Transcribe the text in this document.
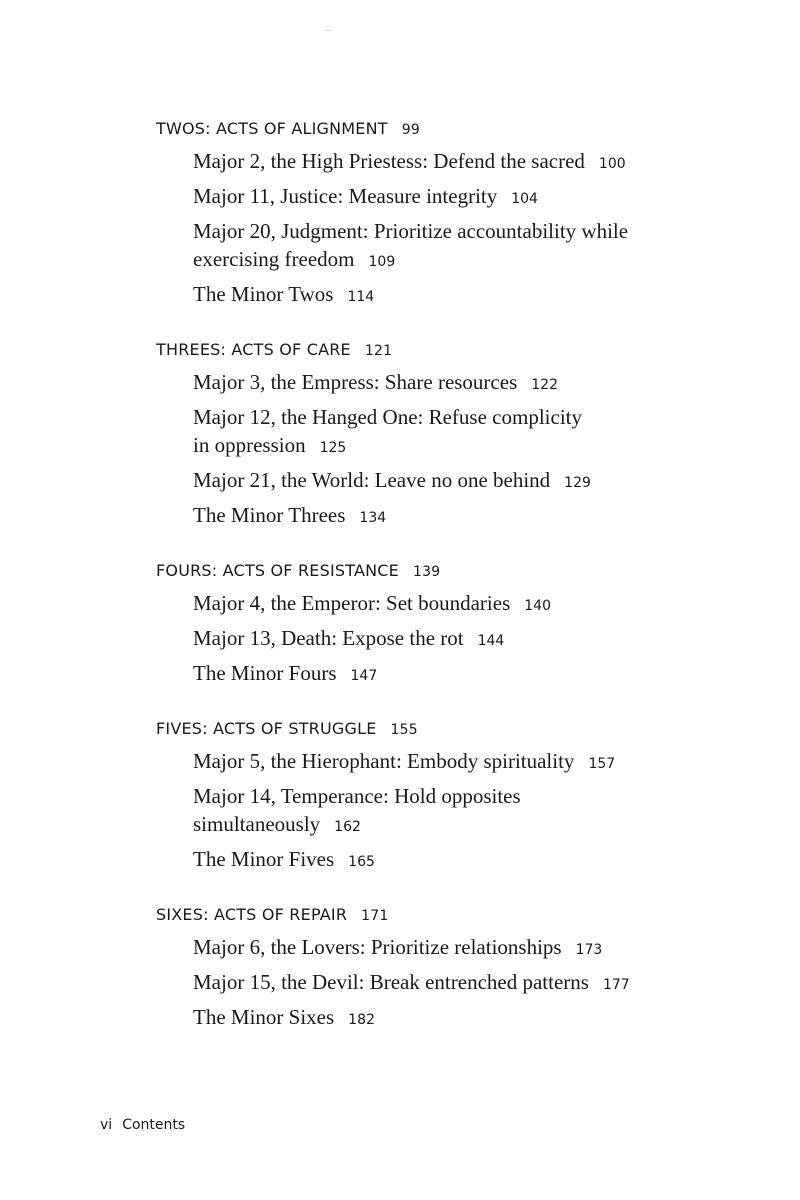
TWOS: ACTS OF ALIGNMENT 99
Major 2, the High Priestess: Defend the sacred 100
Major 11, Justice: Measure integrity 104
Major 20, Judgment: Prioritize accountability while exercising freedom 109
The Minor Twos 114
THREES: ACTS OF CARE 121
Major 3, the Empress: Share resources 122
Major 12, the Hanged One: Refuse complicity in oppression 125
Major 21, the World: Leave no one behind 129
The Minor Threes 134
FOURS: ACTS OF RESISTANCE 139
Major 4, the Emperor: Set boundaries 140
Major 13, Death: Expose the rot 144
The Minor Fours 147
FIVES: ACTS OF STRUGGLE 155
Major 5, the Hierophant: Embody spirituality 157
Major 14, Temperance: Hold opposites simultaneously 162
The Minor Fives 165
SIXES: ACTS OF REPAIR 171
Major 6, the Lovers: Prioritize relationships 173
Major 15, the Devil: Break entrenched patterns 177
The Minor Sixes 182
vi Contents
